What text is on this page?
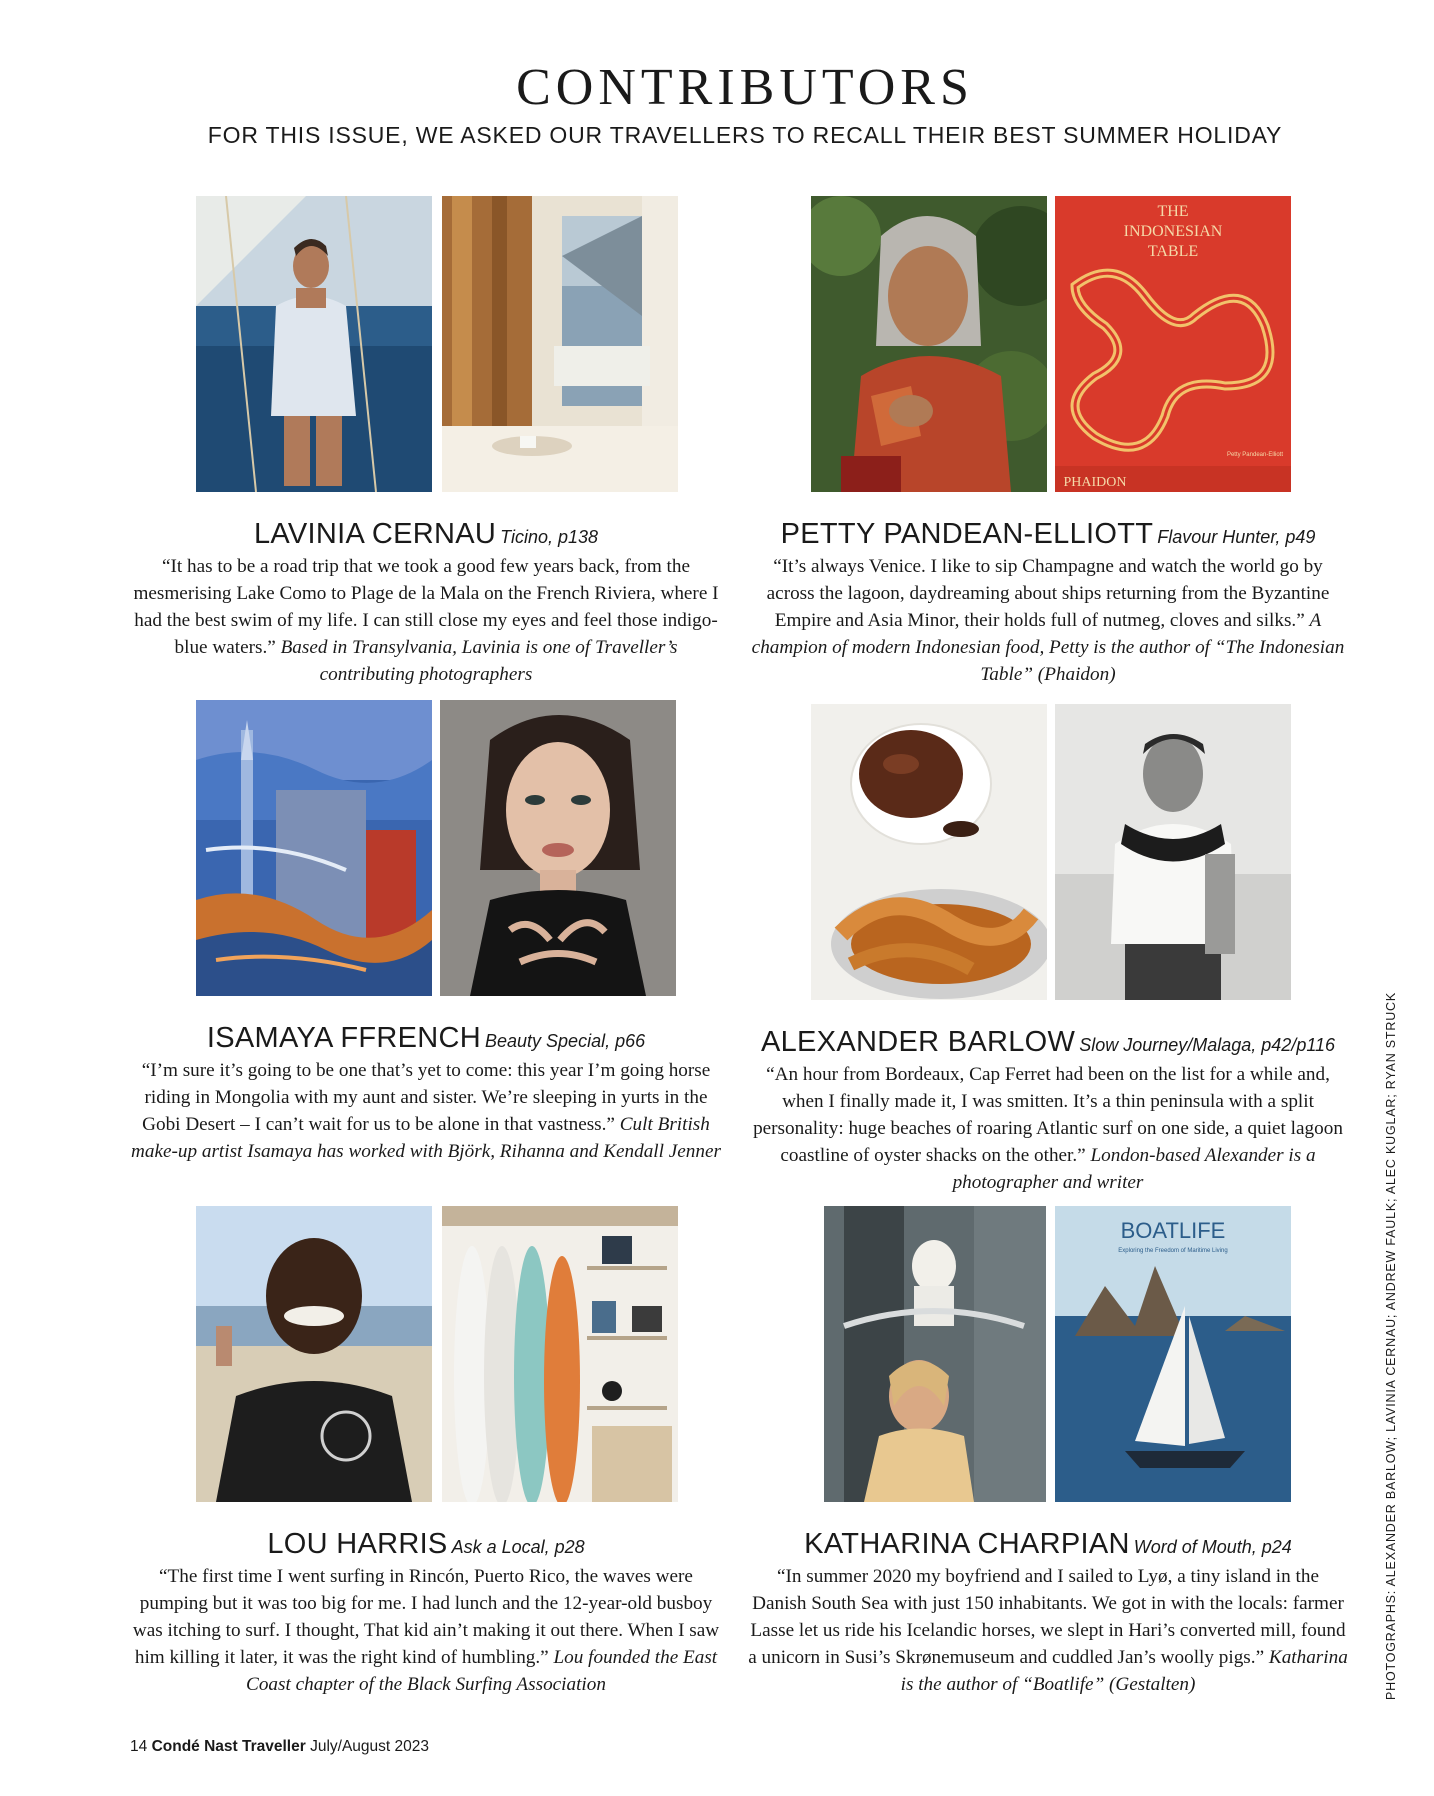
CONTRIBUTORS
FOR THIS ISSUE, WE ASKED OUR TRAVELLERS TO RECALL THEIR BEST SUMMER HOLIDAY
LAVINIA CERNAU Ticino, p138
“It has to be a road trip that we took a good few years back, from the mesmerising Lake Como to Plage de la Mala on the French Riviera, where I had the best swim of my life. I can still close my eyes and feel those indigo-blue waters.” Based in Transylvania, Lavinia is one of Traveller’s contributing photographers
THE
INDONESIAN
TABLE
Petty Pandean-Elliott
PHAIDON
PETTY PANDEAN-ELLIOTT Flavour Hunter, p49
“It’s always Venice. I like to sip Champagne and watch the world go by across the lagoon, daydreaming about ships returning from the Byzantine Empire and Asia Minor, their holds full of nutmeg, cloves and silks.” A champion of modern Indonesian food, Petty is the author of “The Indonesian Table” (Phaidon)
ISAMAYA FFRENCH Beauty Special, p66
“I’m sure it’s going to be one that’s yet to come: this year I’m going horse riding in Mongolia with my aunt and sister. We’re sleeping in yurts in the Gobi Desert – I can’t wait for us to be alone in that vastness.” Cult British make-up artist Isamaya has worked with Björk, Rihanna and Kendall Jenner
ALEXANDER BARLOW Slow Journey/Malaga, p42/p116
“An hour from Bordeaux, Cap Ferret had been on the list for a while and, when I finally made it, I was smitten. It’s a thin peninsula with a split personality: huge beaches of roaring Atlantic surf on one side, a quiet lagoon coastline of oyster shacks on the other.” London-based Alexander is a photographer and writer
LOU HARRIS Ask a Local, p28
“The first time I went surfing in Rincón, Puerto Rico, the waves were pumping but it was too big for me. I had lunch and the 12-year-old busboy was itching to surf. I thought, That kid ain’t making it out there. When I saw him killing it later, it was the right kind of humbling.” Lou founded the East Coast chapter of the Black Surfing Association
BOATLIFE
Exploring the Freedom of Maritime Living
KATHARINA CHARPIAN Word of Mouth, p24
“In summer 2020 my boyfriend and I sailed to Lyø, a tiny island in the Danish South Sea with just 150 inhabitants. We got in with the locals: farmer Lasse let us ride his Icelandic horses, we slept in Hari’s converted mill, found a unicorn in Susi’s Skrønemuseum and cuddled Jan’s woolly pigs.” Katharina is the author of “Boatlife” (Gestalten)	PHOTOGRAPHS: ALEXANDER BARLOW; LAVINIA CERNAU; ANDREW FAULK; ALEC KUGLAR; RYAN STRUCK
14 Condé Nast Traveller July/August 2023
